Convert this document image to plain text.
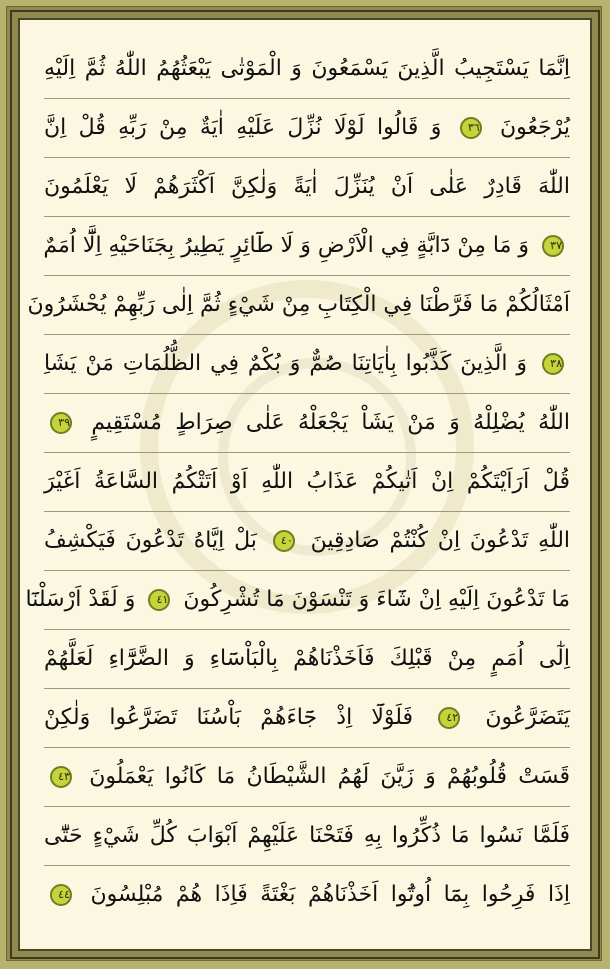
اِنَّمَا يَسْتَجِيبُ الَّذِينَ يَسْمَعُونَ وَ الْمَوْتٰى يَبْعَثُهُمُ اللّٰهُ ثُمَّ اِلَيْهِ
يُرْجَعُونَ ٣٦ وَ قَالُوا لَوْلَا نُزِّلَ عَلَيْهِ اٰيَةٌ مِنْ رَبِّهِ قُلْ اِنَّ
اللّٰهَ قَادِرٌ عَلٰى اَنْ يُنَزِّلَ اٰيَةً وَلٰكِنَّ اَكْثَرَهُمْ لَا يَعْلَمُونَ
٣٧ وَ مَا مِنْ دَٓابَّةٍ فِي الْاَرْضِ وَ لَا طَٓائِرٍ يَطِيرُ بِجَنَاحَيْهِ اِلَّٓا اُمَمٌ
اَمْثَالُكُمْ مَا فَرَّطْنَا فِي الْكِتَابِ مِنْ شَيْءٍ ثُمَّ اِلٰى رَبِّهِمْ يُحْشَرُونَ
٣٨ وَ الَّذِينَ كَذَّبُوا بِاٰيَاتِنَا صُمٌّ وَ بُكْمٌ فِي الظُّلُمَاتِ مَنْ يَشَاِ
اللّٰهُ يُضْلِلْهُ وَ مَنْ يَشَاْ يَجْعَلْهُ عَلٰى صِرَاطٍ مُسْتَقِيمٍ ٣٩
قُلْ اَرَاَيْتَكُمْ اِنْ اَتٰيكُمْ عَذَابُ اللّٰهِ اَوْ اَتَتْكُمُ السَّاعَةُ اَغَيْرَ
اللّٰهِ تَدْعُونَ اِنْ كُنْتُمْ صَادِقِينَ ٤٠ بَلْ اِيَّاهُ تَدْعُونَ فَيَكْشِفُ
مَا تَدْعُونَ اِلَيْهِ اِنْ شَٓاءَ وَ تَنْسَوْنَ مَا تُشْرِكُونَ ٤١ وَ لَقَدْ اَرْسَلْنَٓا
اِلٰٓى اُمَمٍ مِنْ قَبْلِكَ فَاَخَذْنَاهُمْ بِالْبَاْسَٓاءِ وَ الضَّرَّٓاءِ لَعَلَّهُمْ
يَتَضَرَّعُونَ ٤٢ فَلَوْلَٓا اِذْ جَٓاءَهُمْ بَاْسُنَا تَضَرَّعُوا وَلٰكِنْ
قَسَتْ قُلُوبُهُمْ وَ زَيَّنَ لَهُمُ الشَّيْطَانُ مَا كَانُوا يَعْمَلُونَ ٤٣
فَلَمَّا نَسُوا مَا ذُكِّرُوا بِهِ فَتَحْنَا عَلَيْهِمْ اَبْوَابَ كُلِّ شَيْءٍ حَتّٰٓى
اِذَا فَرِحُوا بِمَٓا اُوتُٓوا اَخَذْنَاهُمْ بَغْتَةً فَاِذَا هُمْ مُبْلِسُونَ ٤٤
